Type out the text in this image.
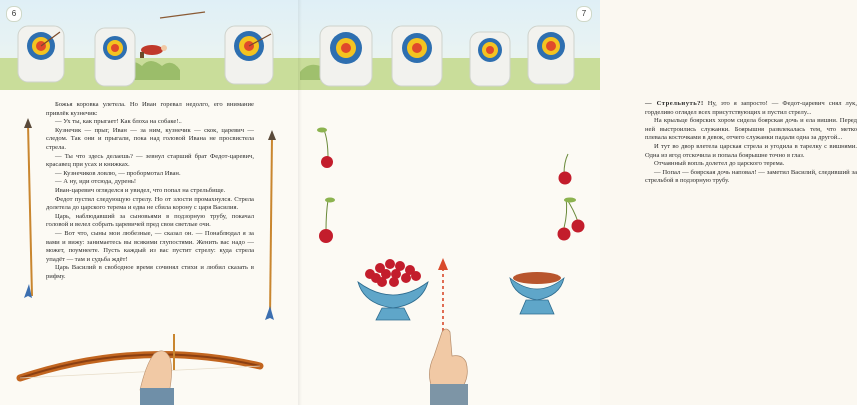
6	7

Божья коровка улетела. Но Иван горевал недолго, его внимание привлёк кузнечик:

— Ух ты, как прыгает! Как блоха на собаке!..

Кузнечик — прыг, Иван — за ним, кузнечик — скок, царевич — следом. Так они и прыгали, пока над головой Ивана не просвистела стрела.

— Ты что здесь делаешь? — зевнул старший брат Федот-царевич, красавец при усах и книжках.

— Кузнечиков ловлю, — пробормотал Иван.

— А ну, иди отсюда, дурень!

Иван-царевич огляделся и увидел, что попал на стрельбище.

Федот пустил следующую стрелу. Но от злости промахнулся. Стрела долетела до царского терема и едва не сбила корону с царя Василия.

Царь, наблюдавший за сыновьями в подзорную трубу, покачал головой и велел собрать царевичей пред свои светлые очи.

— Вот что, сыны мои любезные, — сказал он. — Понаблюдал я за вами и вижу: занимаетесь вы всякими глупостями. Женить вас надо — может, поумнеете. Пусть каждый из вас пустит стрелу: куда стрела упадёт — там и судьба ждёт!

Царь Василий в свободное время сочинял стихи и любил сказать в рифму.

— Стрельнуть?! Ну, это я запросто! — Федот-царевич снял лук, горделиво оглядел всех присутствующих и пустил стрелу...

На крыльце боярских хором сидела боярская дочь и ела вишни. Перед ней выстроились служанки. Боярышня развлекалась тем, что метко плевала косточками в девок, отчего служанки падали одна за другой...

И тут во двор влетела царская стрела и угодила в тарелку с вишнями. Одна из ягод отскочила и попала боярышне точно в глаз.

Отчаянный вопль долетел до царского терема.

— Попал — боярская дочь наповал! — заметил Василий, следивший за стрельбой в подзорную трубу.
